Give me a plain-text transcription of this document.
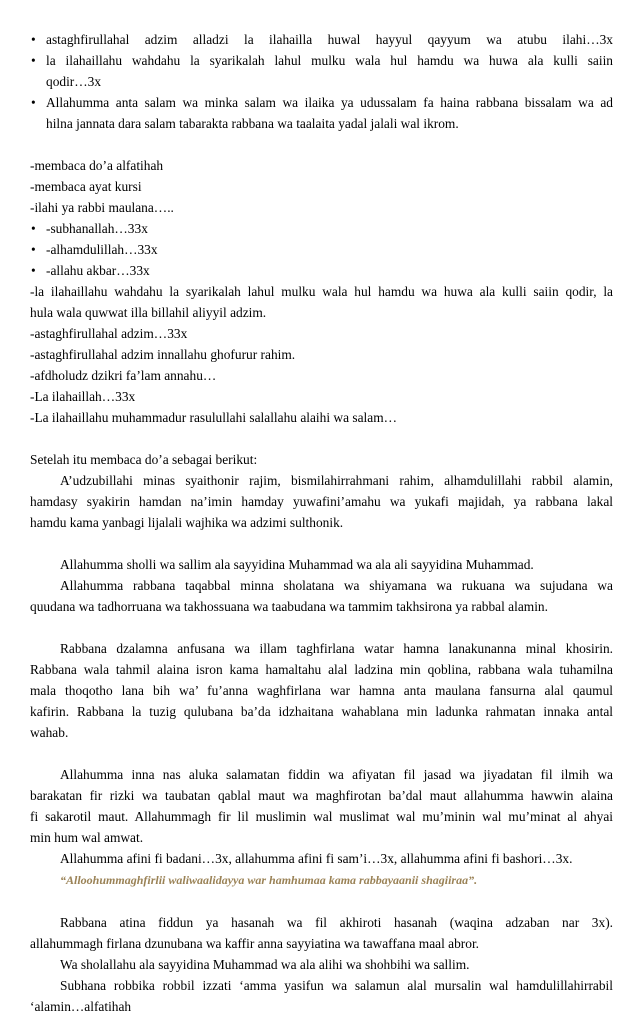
• astaghfirullahal adzim alladzi la ilahailla huwal hayyul qayyum wa atubu ilahi…3x
• la ilahaillahu wahdahu la syarikalah lahul mulku wala hul hamdu wa huwa ala kulli saiin
qodir…3x
• Allahumma anta salam wa minka salam wa ilaika ya udussalam fa haina rabbana bissalam wa ad
hilna jannata dara salam tabarakta rabbana wa taalaita yadal jalali wal ikrom.
-membaca do’a alfatihah
-membaca ayat kursi
-ilahi ya rabbi maulana…..
• -subhanallah…33x
• -alhamdulillah…33x
• -allahu akbar…33x
-la ilahaillahu wahdahu la syarikalah lahul mulku wala hul hamdu wa huwa ala kulli saiin qodir, la
hula wala quwwat illa billahil aliyyil adzim.
-astaghfirullahal adzim…33x
-astaghfirullahal adzim innallahu ghofurur rahim.
-afdholudz dzikri fa’lam annahu…
-La ilahaillah…33x
-La ilahaillahu muhammadur rasulullahi salallahu alaihi wa salam…
Setelah itu membaca do’a sebagai berikut:
A’udzubillahi minas syaithonir rajim, bismilahirrahmani rahim, alhamdulillahi rabbil alamin,
hamdasy syakirin hamdan na’imin hamday yuwafini’amahu wa yukafi majidah, ya rabbana lakal
hamdu kama yanbagi lijalali wajhika wa adzimi sulthonik.
Allahumma sholli wa sallim ala sayyidina Muhammad wa ala ali sayyidina Muhammad.
Allahumma rabbana taqabbal minna sholatana wa shiyamana wa rukuana wa sujudana wa
quudana wa tadhorruana wa takhossuana wa taabudana wa tammim takhsirona ya rabbal alamin.
Rabbana dzalamna anfusana wa illam taghfirlana watar hamna lanakunanna minal khosirin.
Rabbana wala tahmil alaina isron kama hamaltahu alal ladzina min qoblina, rabbana wala tuhamilna
mala thoqotho lana bih wa’ fu’anna waghfirlana war hamna anta maulana fansurna alal qaumul
kafirin. Rabbana la tuzig qulubana ba’da idzhaitana wahablana min ladunka rahmatan innaka antal
wahab.
Allahumma inna nas aluka salamatan fiddin wa afiyatan fil jasad wa jiyadatan fil ilmih wa
barakatan fir rizki wa taubatan qablal maut wa maghfirotan ba’dal maut allahumma hawwin alaina
fi sakarotil maut. Allahummagh fir lil muslimin wal muslimat wal mu’minin wal mu’minat al ahyai
min hum wal amwat.
Allahumma afini fi badani…3x, allahumma afini fi sam’i…3x, allahumma afini fi bashori…3x.
“Alloohummaghfirlii waliwaalidayya war hamhumaa kama rabbayaanii shagiiraa”.
Rabbana atina fiddun ya hasanah wa fil akhiroti hasanah (waqina adzaban nar 3x).
allahummagh firlana dzunubana wa kaffir anna sayyiatina wa tawaffana maal abror.
Wa sholallahu ala sayyidina Muhammad wa ala alihi wa shohbihi wa sallim.
Subhana robbika robbil izzati ‘amma yasifun wa salamun alal mursalin wal hamdulillahirrabil
‘alamin…alfatihah
